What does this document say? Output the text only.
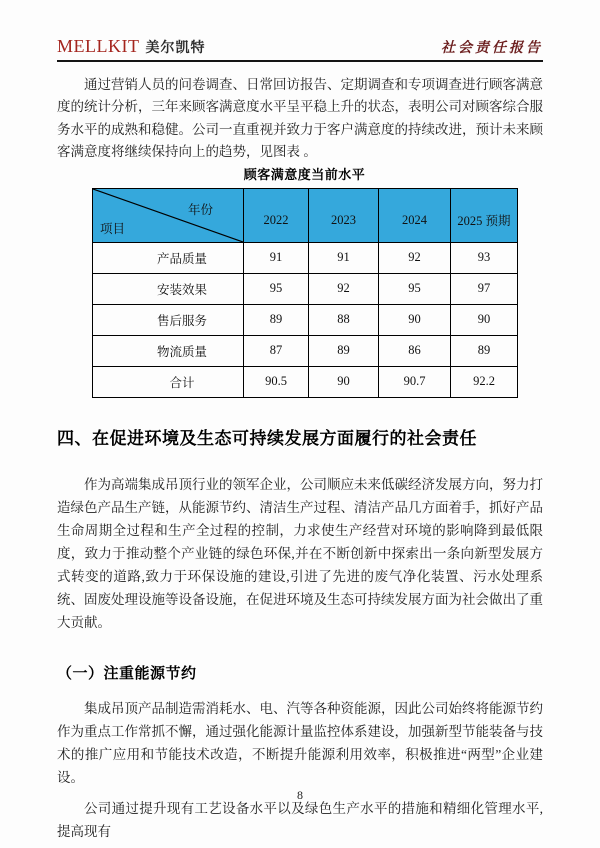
MELLKIT 美尔凯特	社会责任报告

通过营销人员的问卷调查、日常回访报告、定期调查和专项调查进行顾客满意度的统计分析，三年来顾客满意度水平呈平稳上升的状态，表明公司对顾客综合服务水平的成熟和稳健。公司一直重视并致力于客户满意度的持续改进，预计未来顾客满意度将继续保持向上的趋势，见图表 。

顾客满意度当前水平
年份
项目	2022	2023	2024	2025 预期
产品质量	91	91	92	93
安装效果	95	92	95	97
售后服务	89	88	90	90
物流质量	87	89	86	89
合计	90.5	90	90.7	92.2
四、在促进环境及生态可持续发展方面履行的社会责任

作为高端集成吊顶行业的领军企业，公司顺应未来低碳经济发展方向，努力打造绿色产品生产链，从能源节约、清洁生产过程、清洁产品几方面着手，抓好产品生命周期全过程和生产全过程的控制，力求使生产经营对环境的影响降到最低限度，致力于推动整个产业链的绿色环保,并在不断创新中探索出一条向新型发展方式转变的道路,致力于环保设施的建设,引进了先进的废气净化装置、污水处理系统、固废处理设施等设备设施，在促进环境及生态可持续发展方面为社会做出了重大贡献。

（一）注重能源节约

集成吊顶产品制造需消耗水、电、汽等各种资能源，因此公司始终将能源节约作为重点工作常抓不懈，通过强化能源计量监控体系建设，加强新型节能装备与技术的推广应用和节能技术改造，不断提升能源利用效率，积极推进“两型”企业建设。

公司通过提升现有工艺设备水平以及绿色生产水平的措施和精细化管理水平,提高现有

8
